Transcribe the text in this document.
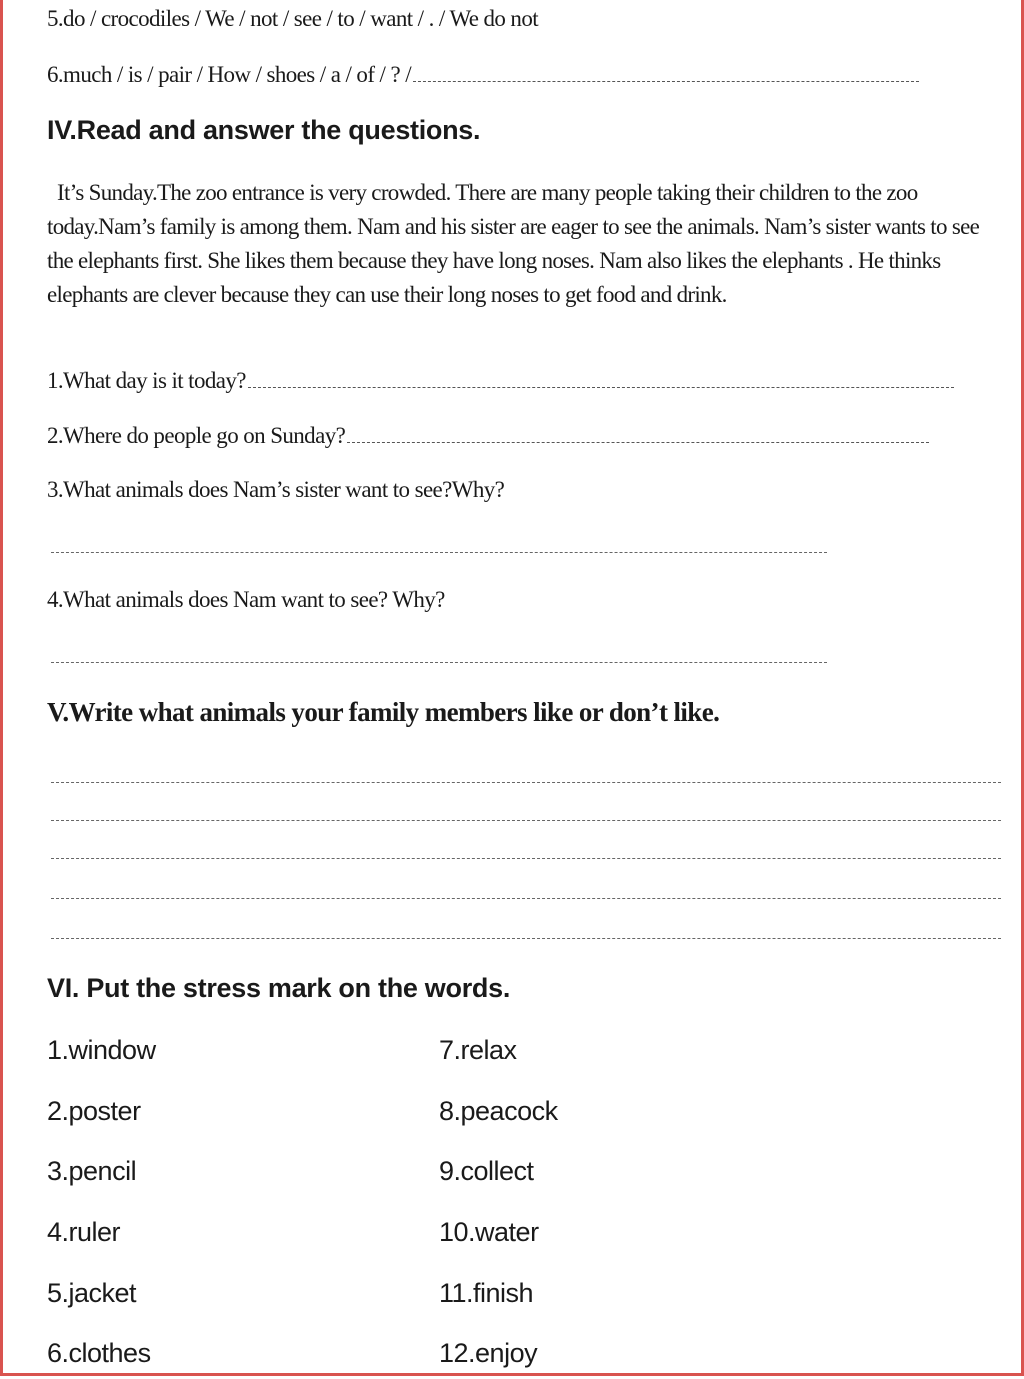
5.do / crocodiles / We / not / see / to / want / . / We do not
6.much / is / pair / How / shoes / a / of / ? /
IV.Read and answer the questions.

It’s Sunday.The zoo entrance is very crowded. There are many people taking their children to the zoo today.Nam’s family is among them. Nam and his sister are eager to see the animals. Nam’s sister wants to see the elephants first. She likes them because they have long noses. Nam also likes the elephants . He thinks elephants are clever because they can use their long noses to get food and drink.

1.What day is it today?
2.Where do people go on Sunday?
3.What animals does Nam’s sister want to see?Why?
4.What animals does Nam want to see? Why?
V.Write what animals your family members like or don’t like.
VI. Put the stress mark on the words.
1.window
2.poster
3.pencil
4.ruler
5.jacket
6.clothes
7.relax
8.peacock
9.collect
10.water
11.finish
12.enjoy
